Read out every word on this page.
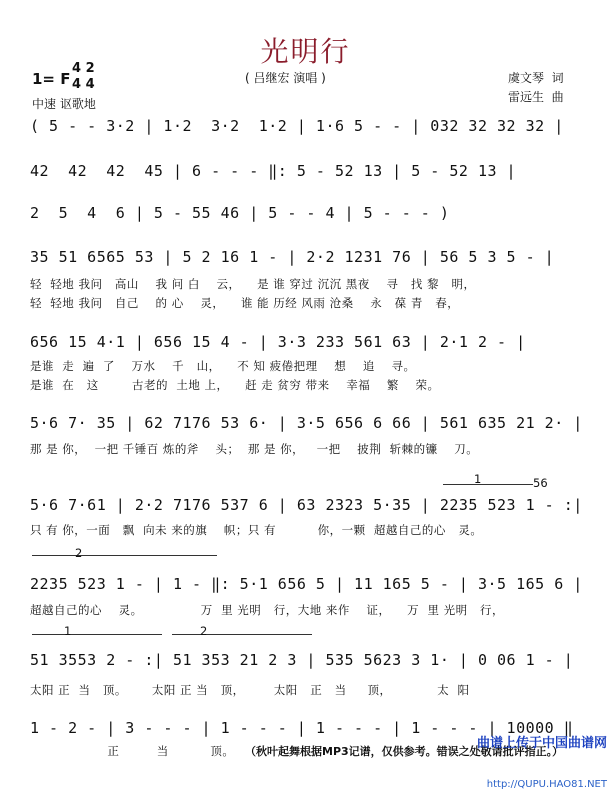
光明行
1= F
4 2
4 4
中速 讴歌地
( 吕继宏 演唱 )	虞文琴  词
雷远生  曲
( 5 - - 3·2 | 1·2  3·2  1·2 | 1·6 5 - - | 032 32 32 32 |
42  42  42  45 | 6 - - - ‖: 5 - 52 13 | 5 - 52 13 |
2  5  4  6 | 5 - 55 46 | 5 - - 4 | 5 - - - )
35 51 6565 53 | 5 2 16 1 - | 2·2 1231 76 | 56 5 3 5 - |
轻  轻地 我问   高山    我 问 白    云，    是 谁 穿过 沉沉 黑夜    寻   找 黎   明，
轻  轻地 我问   自己    的 心    灵，    谁 能 历经 风雨 沧桑    永   葆 青   春，
656 15 4·1 | 656 15 4 - | 3·3 233 561 63 | 2·1 2 - |
是谁  走  遍  了    万水    千   山，    不 知 疲倦把理    想    追    寻。
是谁  在   这        古老的  土地 上，    赶 走 贫穷 带来    幸福    繁    荣。
5·6 7· 35 | 62 7176 53 6· | 3·5 656 6 66 | 561 635 21 2· |
那 是 你，  一把 千锤百 炼的斧    头；  那 是 你，   一把    披荆  斩棘的镰    刀。
1	56
5·6 7·61 | 2·2 7176 537 6 | 63 2323 5·35 | 2235 523 1 - :|
只 有 你，一面   飘  向未 来的旗    帜；只 有          你，一颗  超越自己的心   灵。
2
2235 523 1 - | 1 - ‖: 5·1 656 5 | 11 165 5 - | 3·5 165 6 |
超越自己的心    灵。              万  里 光明   行，大地 来作    证，    万  里 光明   行，
1	2
51 3553 2 - :| 51 353 21 2 3 | 535 5623 3 1· | 0 06 1 - |
太阳 正  当   顶。      太阳 正 当   顶，       太阳   正   当     顶，           太  阳
1 - 2 - | 3 - - - | 1 - - - | 1 - - - | 1 - - - | 10000 ‖
正         当          顶。 （秋叶起舞根据MP3记谱，仅供参考。错误之处敬请批评指正。）

曲谱上传于中国曲谱网

http://QUPU.HAO81.NET
